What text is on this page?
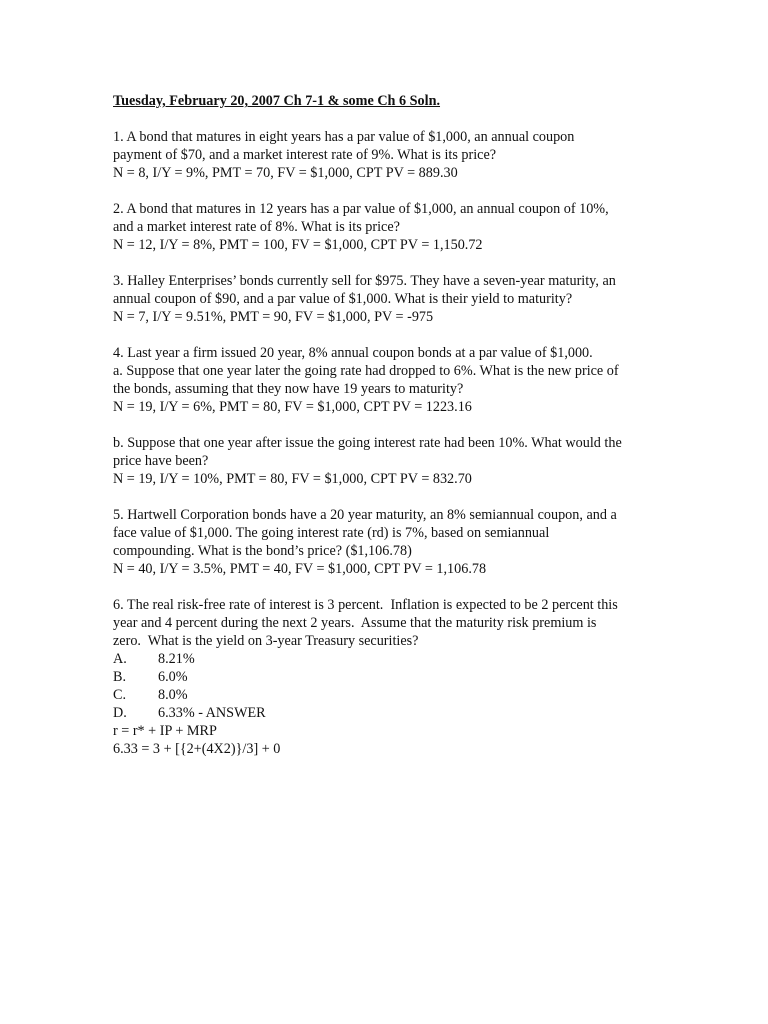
Tuesday, February 20, 2007 Ch 7-1 & some Ch 6 Soln.
1. A bond that matures in eight years has a par value of $1,000, an annual coupon
payment of $70, and a market interest rate of 9%. What is its price?
N = 8, I/Y = 9%, PMT = 70, FV = $1,000, CPT PV = 889.30
2. A bond that matures in 12 years has a par value of $1,000, an annual coupon of 10%,
and a market interest rate of 8%. What is its price?
N = 12, I/Y = 8%, PMT = 100, FV = $1,000, CPT PV = 1,150.72
3. Halley Enterprises’ bonds currently sell for $975. They have a seven-year maturity, an
annual coupon of $90, and a par value of $1,000. What is their yield to maturity?
N = 7, I/Y = 9.51%, PMT = 90, FV = $1,000, PV = -975
4. Last year a firm issued 20 year, 8% annual coupon bonds at a par value of $1,000.
a. Suppose that one year later the going rate had dropped to 6%. What is the new price of
the bonds, assuming that they now have 19 years to maturity?
N = 19, I/Y = 6%, PMT = 80, FV = $1,000, CPT PV = 1223.16
b. Suppose that one year after issue the going interest rate had been 10%. What would the
price have been?
N = 19, I/Y = 10%, PMT = 80, FV = $1,000, CPT PV = 832.70
5. Hartwell Corporation bonds have a 20 year maturity, an 8% semiannual coupon, and a
face value of $1,000. The going interest rate (rd) is 7%, based on semiannual
compounding. What is the bond’s price? ($1,106.78)
N = 40, I/Y = 3.5%, PMT = 40, FV = $1,000, CPT PV = 1,106.78
6. The real risk-free rate of interest is 3 percent.  Inflation is expected to be 2 percent this
year and 4 percent during the next 2 years.  Assume that the maturity risk premium is
zero.  What is the yield on 3-year Treasury securities?
A.	8.21%
B.	6.0%
C.	8.0%
D.	6.33% - ANSWER
r = r* + IP + MRP
6.33 = 3 + [{2+(4X2)}/3] + 0
